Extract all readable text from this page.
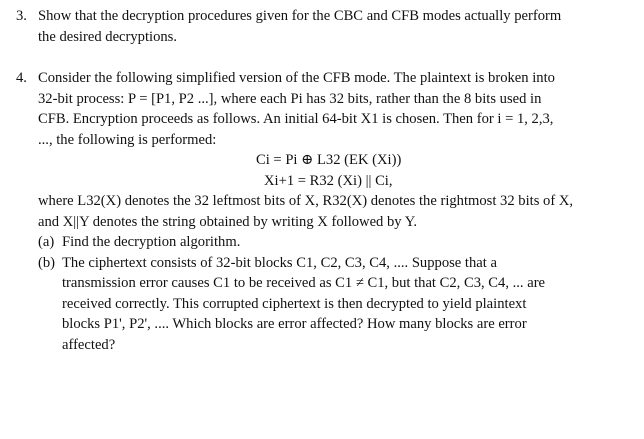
3. Show that the decryption procedures given for the CBC and CFB modes actually perform
the desired decryptions.
4. Consider the following simplified version of the CFB mode. The plaintext is broken into
32-bit process: P = [P1, P2 ...], where each Pi has 32 bits, rather than the 8 bits used in
CFB. Encryption proceeds as follows. An initial 64-bit X1 is chosen. Then for i = 1, 2,3,
..., the following is performed:
Ci = Pi ⊕ L32 (EK (Xi))
Xi+1 = R32 (Xi) || Ci,
where L32(X) denotes the 32 leftmost bits of X, R32(X) denotes the rightmost 32 bits of X,
and X||Y denotes the string obtained by writing X followed by Y.
(a) Find the decryption algorithm.
(b) The ciphertext consists of 32-bit blocks C1, C2, C3, C4, .... Suppose that a
transmission error causes C1 to be received as C1 ≠ C1, but that C2, C3, C4, ... are
received correctly. This corrupted ciphertext is then decrypted to yield plaintext
blocks P1', P2', .... Which blocks are error affected? How many blocks are error
affected?
